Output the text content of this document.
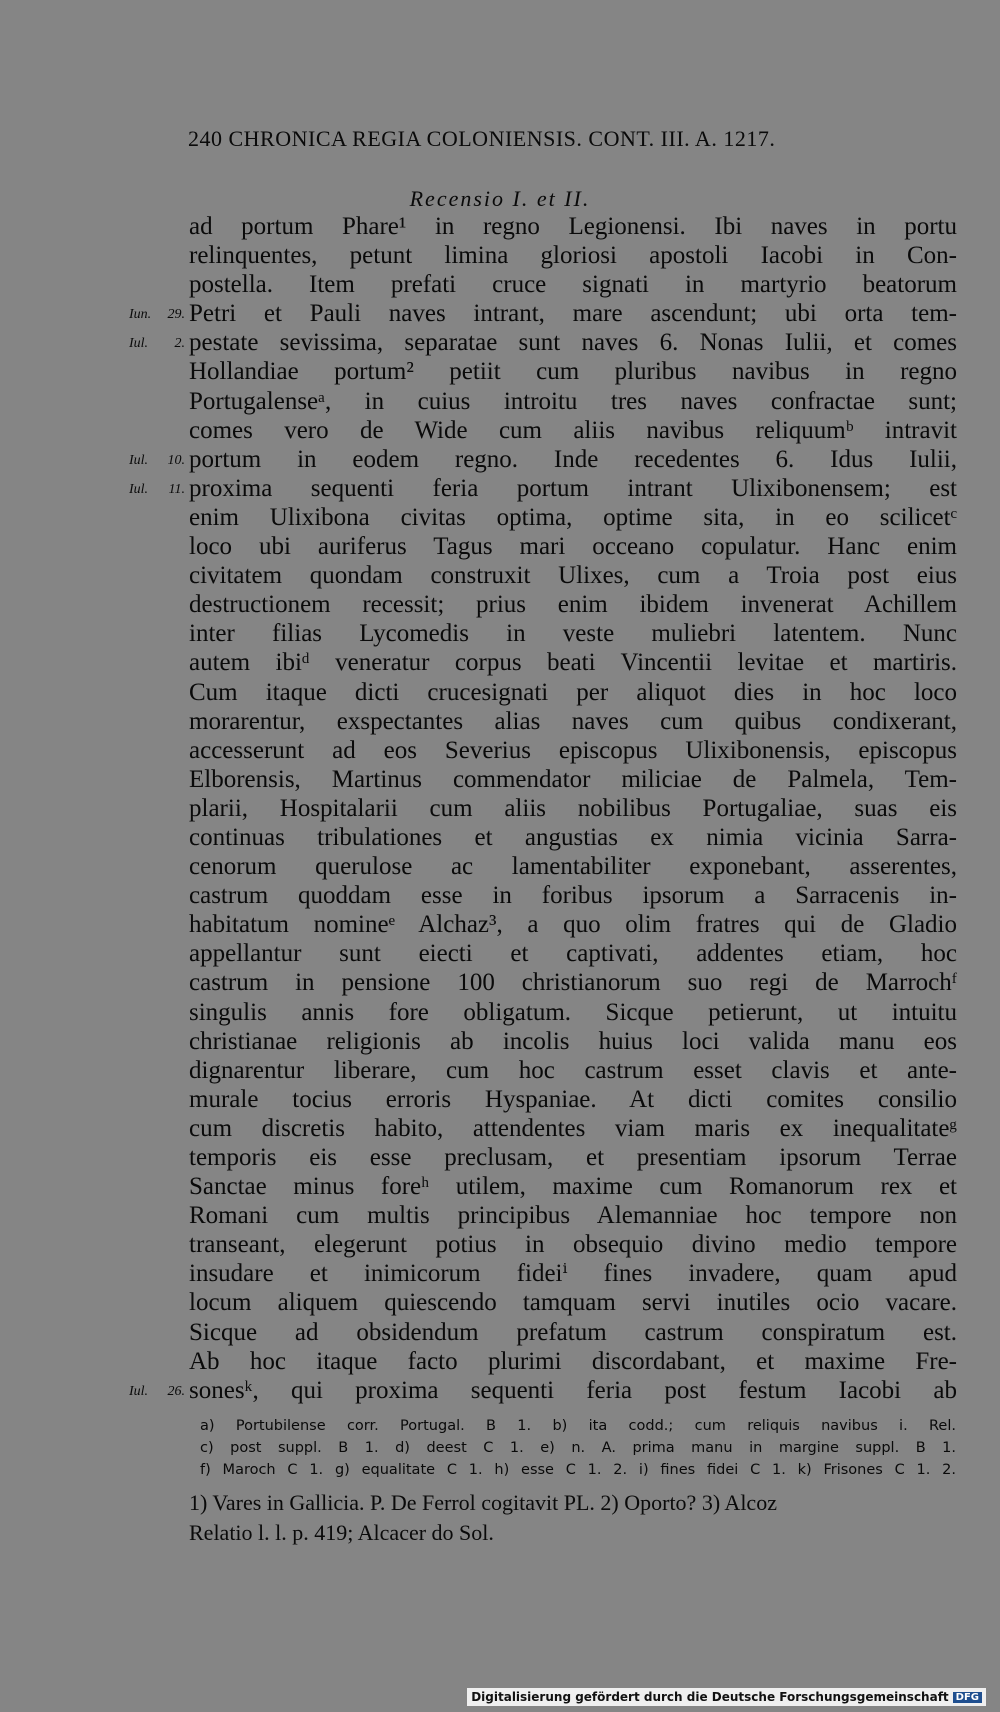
240 CHRONICA REGIA COLONIENSIS. CONT. III. A. 1217.
Recensio I. et II.
ad portum Phare¹ in regno Legionensi. Ibi naves in portu
relinquentes, petunt limina gloriosi apostoli Iacobi in Con-
postella. Item prefati cruce signati in martyrio beatorum
Iun. 29. Petri et Pauli naves intrant, mare ascendunt; ubi orta tem-
Iul. 2. pestate sevissima, separatae sunt naves 6. Nonas Iulii, et comes
Hollandiae portum² petiit cum pluribus navibus in regno
Portugalenseᵃ, in cuius introitu tres naves confractae sunt;
comes vero de Wide cum aliis navibus reliquumᵇ intravit
Iul. 10. portum in eodem regno. Inde recedentes 6. Idus Iulii,
Iul. 11. proxima sequenti feria portum intrant Ulixibonensem; est
enim Ulixibona civitas optima, optime sita, in eo scilicetᶜ
loco ubi auriferus Tagus mari occeano copulatur. Hanc enim
civitatem quondam construxit Ulixes, cum a Troia post eius
destructionem recessit; prius enim ibidem invenerat Achillem
inter filias Lycomedis in veste muliebri latentem. Nunc
autem ibiᵈ veneratur corpus beati Vincentii levitae et martiris.
Cum itaque dicti crucesignati per aliquot dies in hoc loco
morarentur, exspectantes alias naves cum quibus condixerant,
accesserunt ad eos Severius episcopus Ulixibonensis, episcopus
Elborensis, Martinus commendator miliciae de Palmela, Tem-
plarii, Hospitalarii cum aliis nobilibus Portugaliae, suas eis
continuas tribulationes et angustias ex nimia vicinia Sarra-
cenorum querulose ac lamentabiliter exponebant, asserentes,
castrum quoddam esse in foribus ipsorum a Sarracenis in-
habitatum nomineᵉ Alchaz³, a quo olim fratres qui de Gladio
appellantur sunt eiecti et captivati, addentes etiam, hoc
castrum in pensione 100 christianorum suo regi de Marrochᶠ
singulis annis fore obligatum. Sicque petierunt, ut intuitu
christianae religionis ab incolis huius loci valida manu eos
dignarentur liberare, cum hoc castrum esset clavis et ante-
murale tocius erroris Hyspaniae. At dicti comites consilio
cum discretis habito, attendentes viam maris ex inequalitateᵍ
temporis eis esse preclusam, et presentiam ipsorum Terrae
Sanctae minus foreʰ utilem, maxime cum Romanorum rex et
Romani cum multis principibus Alemanniae hoc tempore non
transeant, elegerunt potius in obsequio divino medio tempore
insudare et inimicorum fideiⁱ fines invadere, quam apud
locum aliquem quiescendo tamquam servi inutiles ocio vacare.
Sicque ad obsidendum prefatum castrum conspiratum est.
Ab hoc itaque facto plurimi discordabant, et maxime Fre-
Iul. 26. sonesᵏ, qui proxima sequenti feria post festum Iacobi ab
a) Portubilense corr. Portugal. B 1. b) ita codd.; cum reliquis navibus i. Rel.
c) post suppl. B 1. d) deest C 1. e) n. A. prima manu in margine suppl. B 1.
f) Maroch C 1. g) equalitate C 1. h) esse C 1. 2. i) fines fidei C 1. k) Frisones C 1. 2.
1) Vares in Gallicia. P. De Ferrol cogitavit PL. 2) Oporto? 3) Alcoz
Relatio l. l. p. 419; Alcacer do Sol.
Digitalisierung gefördert durch die Deutsche Forschungsgemeinschaft DFG
